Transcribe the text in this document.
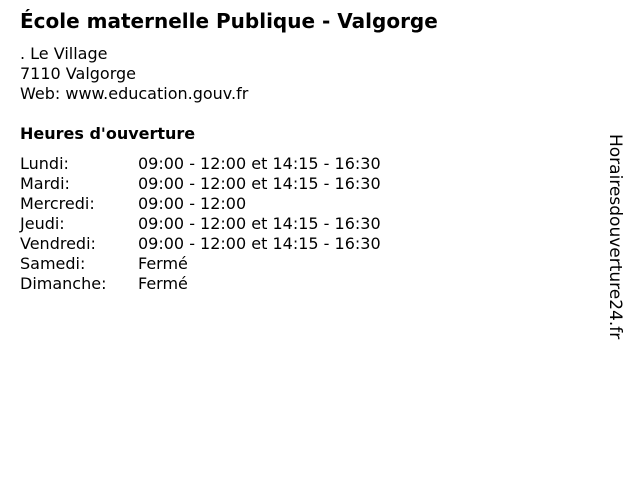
École maternelle Publique - Valgorge
. Le Village
7110 Valgorge
Web: www.education.gouv.fr
Heures d'ouverture
Lundi:	09:00 - 12:00 et 14:15 - 16:30
Mardi:	09:00 - 12:00 et 14:15 - 16:30
Mercredi:	09:00 - 12:00
Jeudi:	09:00 - 12:00 et 14:15 - 16:30
Vendredi:	09:00 - 12:00 et 14:15 - 16:30
Samedi:	Fermé
Dimanche:	Fermé	Horairesdouverture24.fr
